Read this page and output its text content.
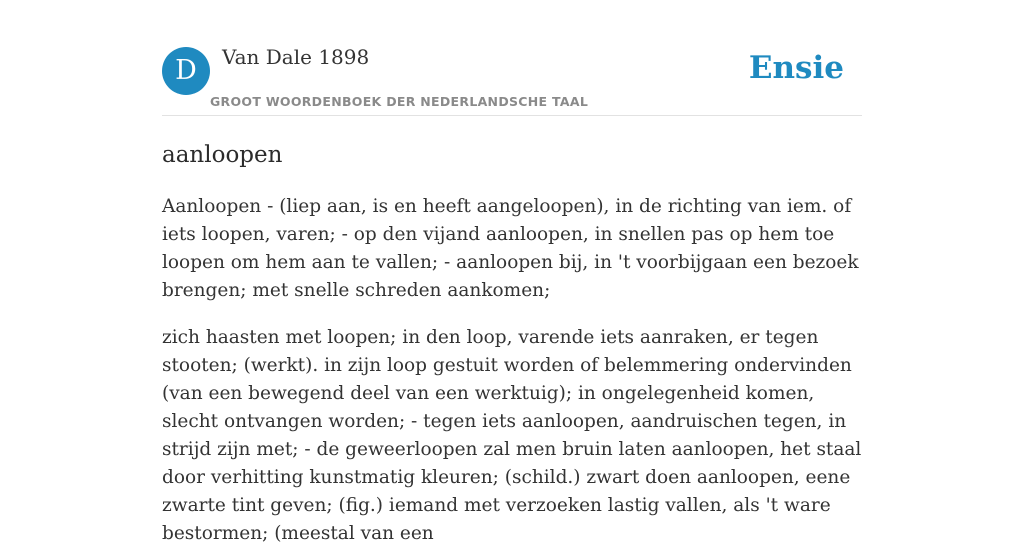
D	Van Dale 1898
GROOT WOORDENBOEK DER NEDERLANDSCHE TAAL
Ensie
aanloopen

Aanloopen - (liep aan, is en heeft aangeloopen), in de richting van iem. of iets loopen, varen; - op den vijand aanloopen, in snellen pas op hem toe loopen om hem aan te vallen; - aanloopen bij, in 't voorbijgaan een bezoek brengen; met snelle schreden aankomen;

zich haasten met loopen; in den loop, varende iets aanraken, er tegen stooten; (werkt). in zijn loop gestuit worden of belemmering ondervinden (van een bewegend deel van een werktuig); in ongelegenheid komen, slecht ontvangen worden; - tegen iets aanloopen, aandruischen tegen, in strijd zijn met; - de geweerloopen zal men bruin laten aanloopen, het staal door verhitting kunstmatig kleuren; (schild.) zwart doen aanloopen, eene zwarte tint geven; (fig.) iemand met verzoeken lastig vallen, als 't ware bestormen; (meestal van een
